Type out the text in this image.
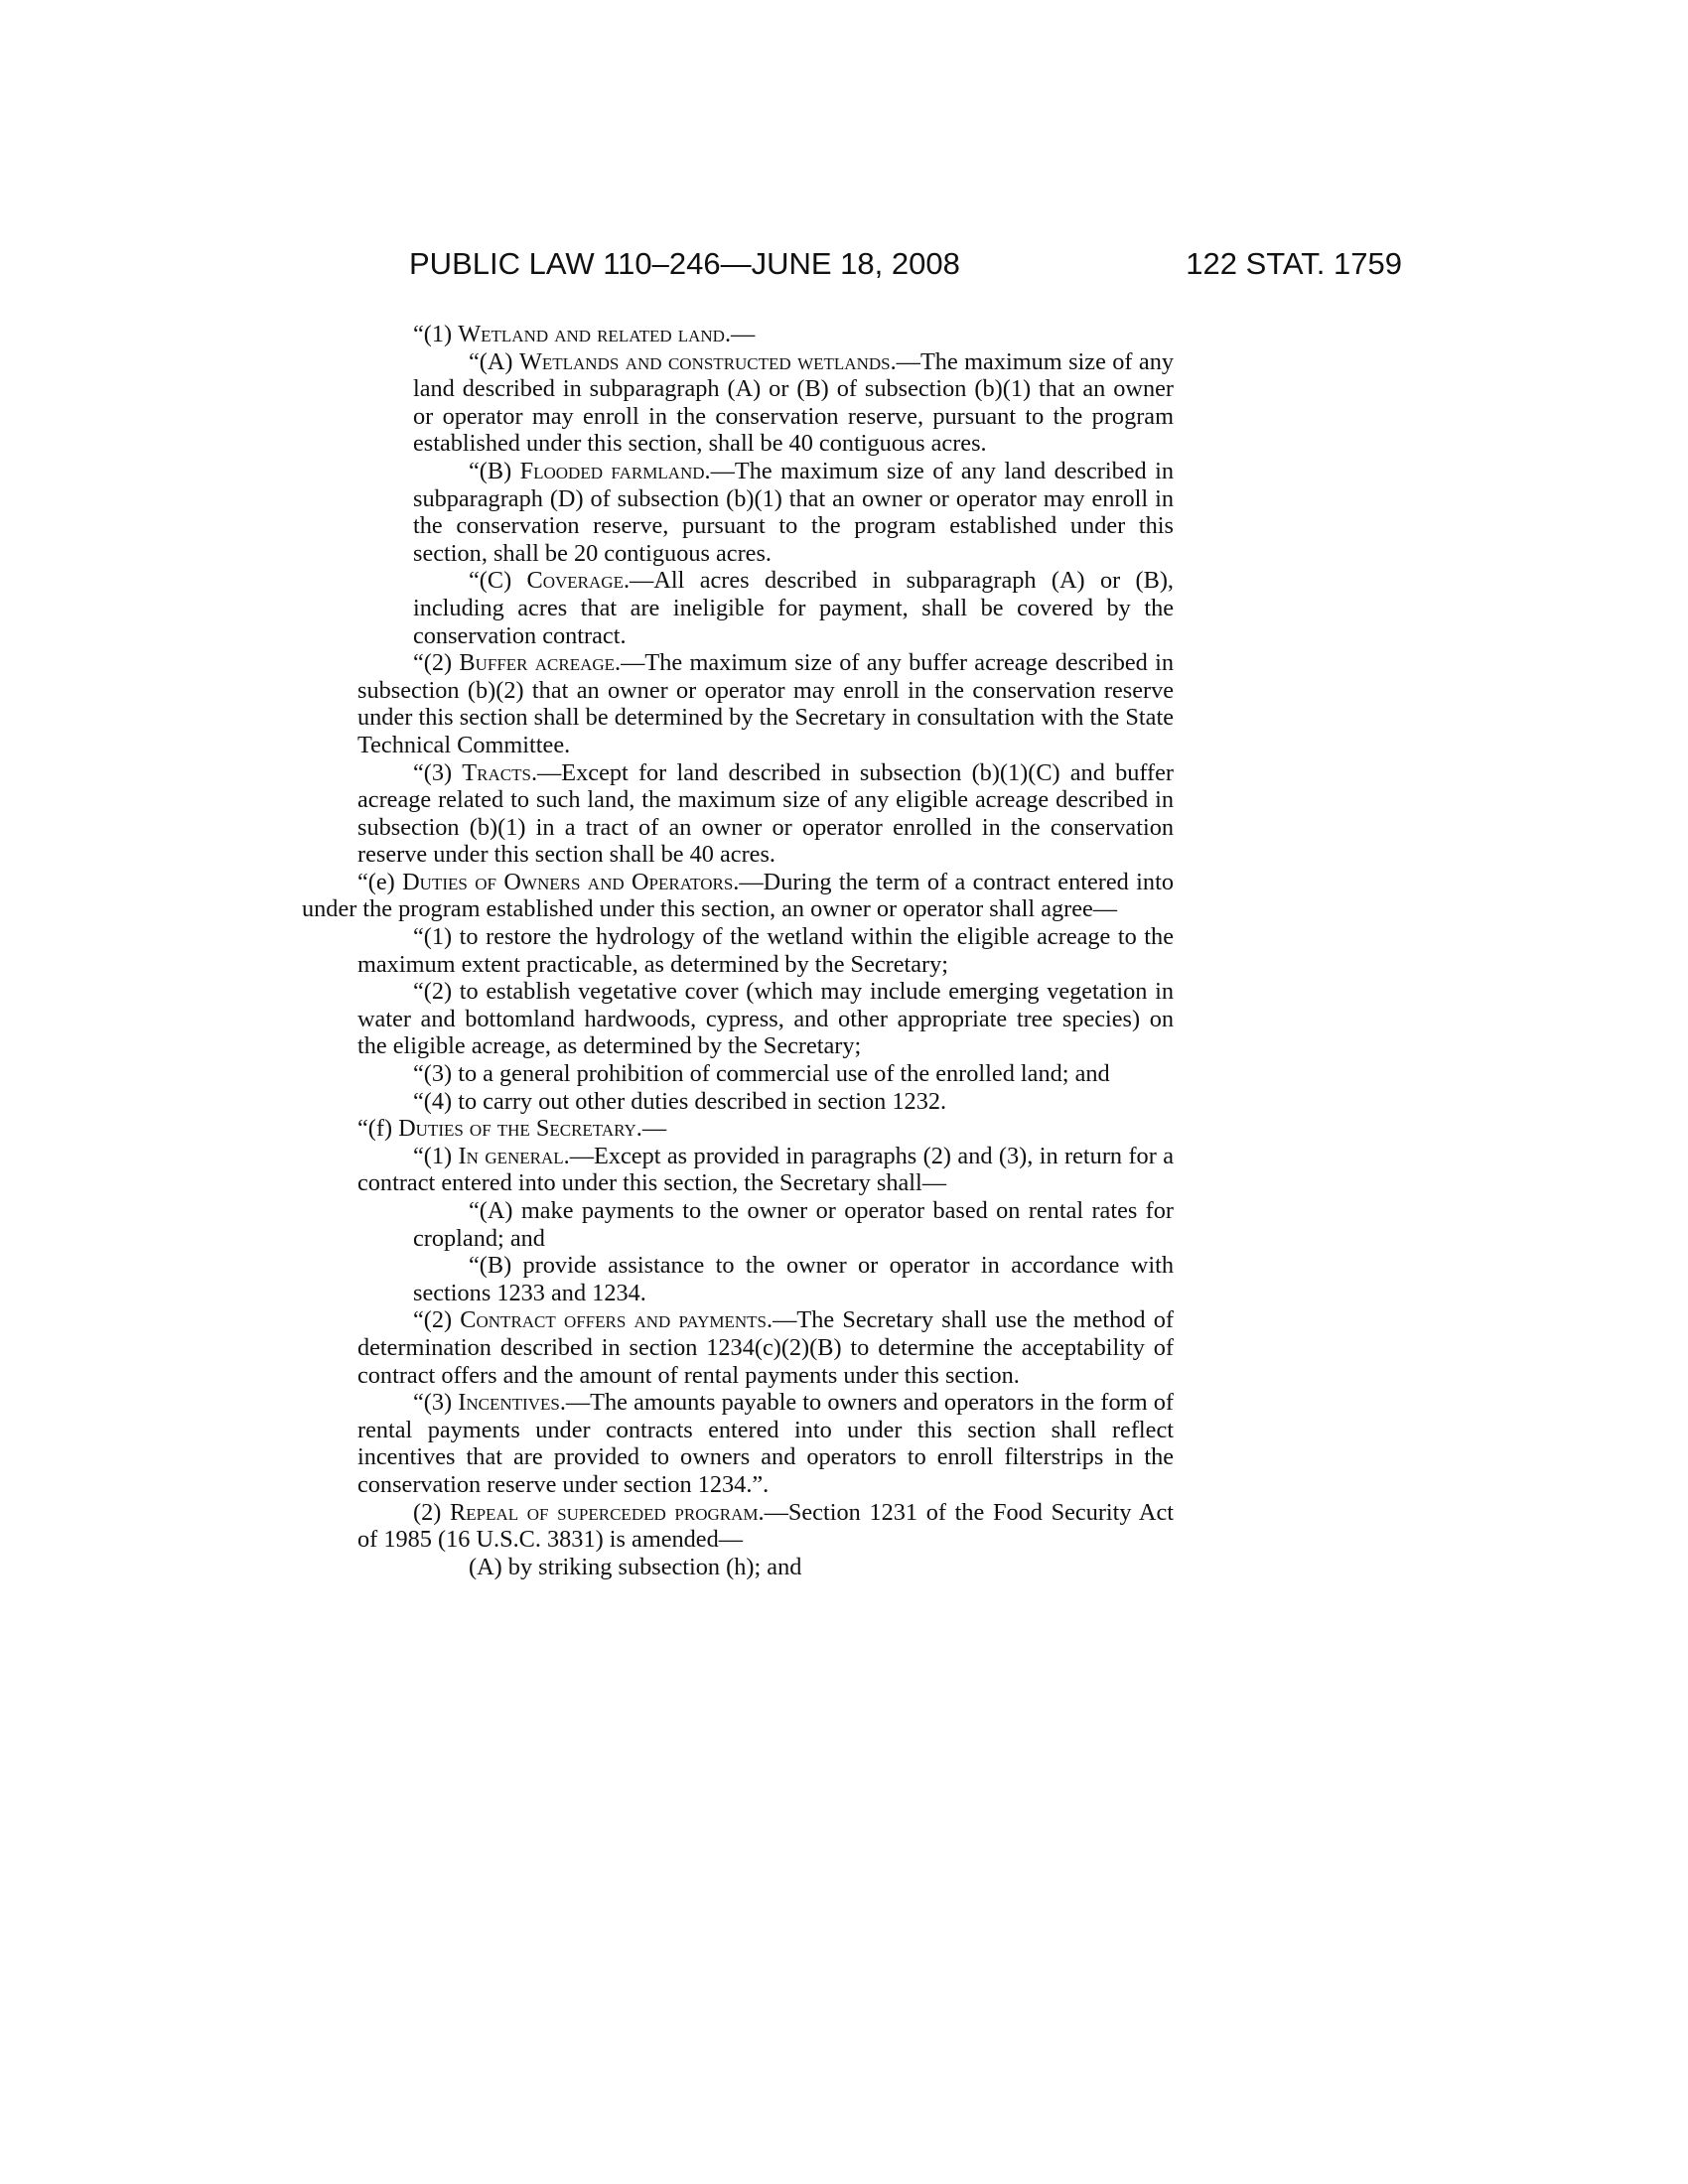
PUBLIC LAW 110–246—JUNE 18, 2008	122 STAT. 1759

“(1) Wetland and related land.—

“(A) Wetlands and constructed wetlands.—The maximum size of any land described in subparagraph (A) or (B) of subsection (b)(1) that an owner or operator may enroll in the conservation reserve, pursuant to the program established under this section, shall be 40 contiguous acres.

“(B) Flooded farmland.—The maximum size of any land described in subparagraph (D) of subsection (b)(1) that an owner or operator may enroll in the conservation reserve, pursuant to the program established under this section, shall be 20 contiguous acres.

“(C) Coverage.—All acres described in subparagraph (A) or (B), including acres that are ineligible for payment, shall be covered by the conservation contract.

“(2) Buffer acreage.—The maximum size of any buffer acreage described in subsection (b)(2) that an owner or operator may enroll in the conservation reserve under this section shall be determined by the Secretary in consultation with the State Technical Committee.

“(3) Tracts.—Except for land described in subsection (b)(1)(C) and buffer acreage related to such land, the maximum size of any eligible acreage described in subsection (b)(1) in a tract of an owner or operator enrolled in the conservation reserve under this section shall be 40 acres.

“(e) Duties of Owners and Operators.—During the term of a contract entered into under the program established under this section, an owner or operator shall agree—

“(1) to restore the hydrology of the wetland within the eligible acreage to the maximum extent practicable, as determined by the Secretary;

“(2) to establish vegetative cover (which may include emerging vegetation in water and bottomland hardwoods, cypress, and other appropriate tree species) on the eligible acreage, as determined by the Secretary;

“(3) to a general prohibition of commercial use of the enrolled land; and

“(4) to carry out other duties described in section 1232.

“(f) Duties of the Secretary.—

“(1) In general.—Except as provided in paragraphs (2) and (3), in return for a contract entered into under this section, the Secretary shall—

“(A) make payments to the owner or operator based on rental rates for cropland; and

“(B) provide assistance to the owner or operator in accordance with sections 1233 and 1234.

“(2) Contract offers and payments.—The Secretary shall use the method of determination described in section 1234(c)(2)(B) to determine the acceptability of contract offers and the amount of rental payments under this section.

“(3) Incentives.—The amounts payable to owners and operators in the form of rental payments under contracts entered into under this section shall reflect incentives that are provided to owners and operators to enroll filterstrips in the conservation reserve under section 1234.”.

(2) Repeal of superceded program.—Section 1231 of the Food Security Act of 1985 (16 U.S.C. 3831) is amended—

(A) by striking subsection (h); and
